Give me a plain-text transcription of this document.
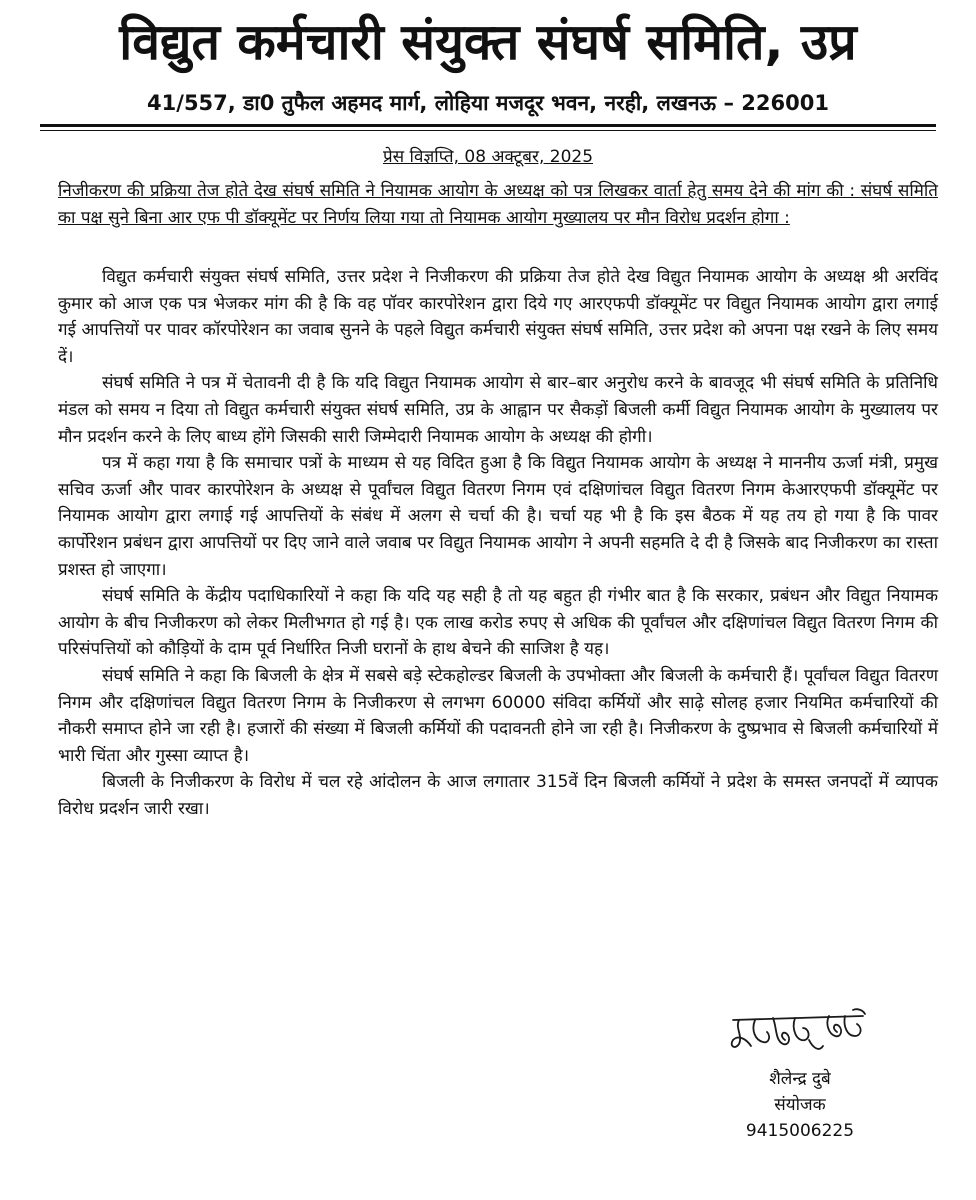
विद्युत कर्मचारी संयुक्त संघर्ष समिति, उप्र
41/557, डा0 तुफैल अहमद मार्ग, लोहिया मजदूर भवन, नरही, लखनऊ – 226001
प्रेस विज्ञप्ति, 08 अक्टूबर, 2025
निजीकरण की प्रक्रिया तेज होते देख संघर्ष समिति ने नियामक आयोग के अध्यक्ष को पत्र लिखकर वार्ता हेतु समय देने की मांग की : संघर्ष समिति का पक्ष सुने बिना आर एफ पी डॉक्यूमेंट पर निर्णय लिया गया तो नियामक आयोग मुख्यालय पर मौन विरोध प्रदर्शन होगा :

विद्युत कर्मचारी संयुक्त संघर्ष समिति, उत्तर प्रदेश ने निजीकरण की प्रक्रिया तेज होते देख विद्युत नियामक आयोग के अध्यक्ष श्री अरविंद कुमार को आज एक पत्र भेजकर मांग की है कि वह पॉवर कारपोरेशन द्वारा दिये गए आरएफपी डॉक्यूमेंट पर विद्युत नियामक आयोग द्वारा लगाई गई आपत्तियों पर पावर कॉरपोरेशन का जवाब सुनने के पहले विद्युत कर्मचारी संयुक्त संघर्ष समिति, उत्तर प्रदेश को अपना पक्ष रखने के लिए समय दें।

संघर्ष समिति ने पत्र में चेतावनी दी है कि यदि विद्युत नियामक आयोग से बार–बार अनुरोध करने के बावजूद भी संघर्ष समिति के प्रतिनिधि मंडल को समय न दिया तो विद्युत कर्मचारी संयुक्त संघर्ष समिति, उप्र के आह्वान पर सैकड़ों बिजली कर्मी विद्युत नियामक आयोग के मुख्यालय पर मौन प्रदर्शन करने के लिए बाध्य होंगे जिसकी सारी जिम्मेदारी नियामक आयोग के अध्यक्ष की होगी।

पत्र में कहा गया है कि समाचार पत्रों के माध्यम से यह विदित हुआ है कि विद्युत नियामक आयोग के अध्यक्ष ने माननीय ऊर्जा मंत्री, प्रमुख सचिव ऊर्जा और पावर कारपोरेशन के अध्यक्ष से पूर्वांचल विद्युत वितरण निगम एवं दक्षिणांचल विद्युत वितरण निगम केआरएफपी डॉक्यूमेंट पर नियामक आयोग द्वारा लगाई गई आपत्तियों के संबंध में अलग से चर्चा की है। चर्चा यह भी है कि इस बैठक में यह तय हो गया है कि पावर कार्पोरेशन प्रबंधन द्वारा आपत्तियों पर दिए जाने वाले जवाब पर विद्युत नियामक आयोग ने अपनी सहमति दे दी है जिसके बाद निजीकरण का रास्ता प्रशस्त हो जाएगा।

संघर्ष समिति के केंद्रीय पदाधिकारियों ने कहा कि यदि यह सही है तो यह बहुत ही गंभीर बात है कि सरकार, प्रबंधन और विद्युत नियामक आयोग के बीच निजीकरण को लेकर मिलीभगत हो गई है। एक लाख करोड रुपए से अधिक की पूर्वांचल और दक्षिणांचल विद्युत वितरण निगम की परिसंपत्तियों को कौड़ियों के दाम पूर्व निर्धारित निजी घरानों के हाथ बेचने की साजिश है यह।

संघर्ष समिति ने कहा कि बिजली के क्षेत्र में सबसे बड़े स्टेकहोल्डर बिजली के उपभोक्ता और बिजली के कर्मचारी हैं। पूर्वांचल विद्युत वितरण निगम और दक्षिणांचल विद्युत वितरण निगम के निजीकरण से लगभग 60000 संविदा कर्मियों और साढ़े सोलह हजार नियमित कर्मचारियों की नौकरी समाप्त होने जा रही है। हजारों की संख्या में बिजली कर्मियों की पदावनती होने जा रही है। निजीकरण के दुष्प्रभाव से बिजली कर्मचारियों में भारी चिंता और गुस्सा व्याप्त है।

बिजली के निजीकरण के विरोध में चल रहे आंदोलन के आज लगातार 315वें दिन बिजली कर्मियों ने प्रदेश के समस्त जनपदों में व्यापक विरोध प्रदर्शन जारी रखा।

शैलेन्द्र दुबे
संयोजक
9415006225
